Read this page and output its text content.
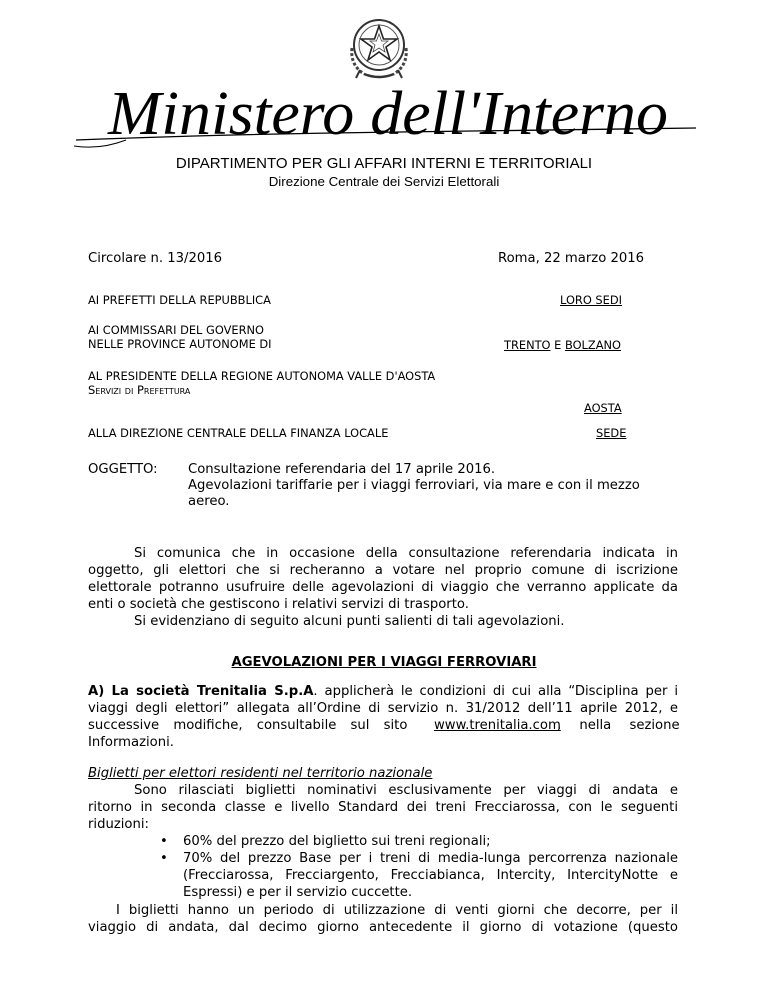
Ministero dell'Interno
DIPARTIMENTO PER GLI AFFARI INTERNI E TERRITORIALI
Direzione Centrale dei Servizi Elettorali
Circolare n. 13/2016	Roma, 22 marzo 2016
AI PREFETTI DELLA REPUBBLICA	LORO SEDI
AI COMMISSARI DEL GOVERNO
NELLE PROVINCE AUTONOME DI	TRENTO E BOLZANO
AL PRESIDENTE DELLA REGIONE AUTONOMA VALLE D'AOSTA
Servizi di Prefettura
AOSTA
ALLA DIREZIONE CENTRALE DELLA FINANZA LOCALE	SEDE
OGGETTO: Consultazione referendaria del 17 aprile 2016.
Agevolazioni tariffarie per i viaggi ferroviari, via mare e con il mezzo
aereo.
Si comunica che in occasione della consultazione referendaria indicata in
oggetto, gli elettori che si recheranno a votare nel proprio comune di iscrizione
elettorale potranno usufruire delle agevolazioni di viaggio che verranno applicate da
enti o società che gestiscono i relativi servizi di trasporto.
Si evidenziano di seguito alcuni punti salienti di tali agevolazioni.
AGEVOLAZIONI PER I VIAGGI FERROVIARI
A) La società Trenitalia S.p.A. applicherà le condizioni di cui alla “Disciplina per i
viaggi degli elettori” allegata all’Ordine di servizio n. 31/2012 dell’11 aprile 2012, e
successive modifiche, consultabile sul sito www.trenitalia.com
, nella sezione
Informazioni.
Biglietti per elettori residenti nel territorio nazionale
Sono rilasciati biglietti nominativi esclusivamente per viaggi di andata e
ritorno in seconda classe e livello Standard dei treni Frecciarossa, con le seguenti
riduzioni:
• 60% del prezzo del biglietto sui treni regionali;
• 70% del prezzo Base per i treni di media-lunga percorrenza nazionale
(Frecciarossa, Frecciargento, Frecciabianca, Intercity, IntercityNotte e
Espressi) e per il servizio cuccette.
I biglietti hanno un periodo di utilizzazione di venti giorni che decorre, per il
viaggio di andata, dal decimo giorno antecedente il giorno di votazione (questo
